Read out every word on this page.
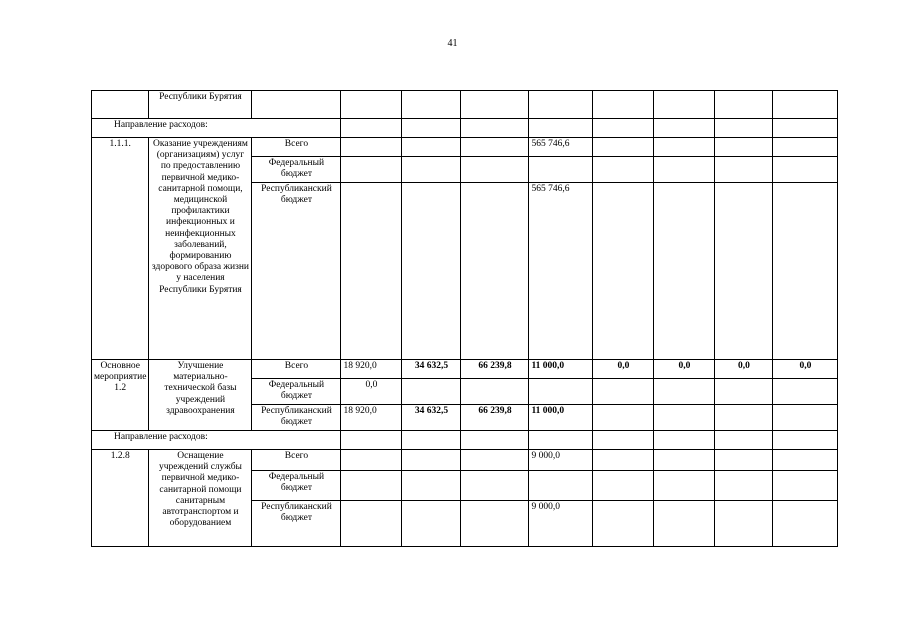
41
	Республики Бурятия									
Направление расходов:										
1.1.1.	Оказание учреждениям (организациям) услуг по предоставлению первичной медико-санитарной помощи, медицинской профилактики инфекционных и неинфекционных заболеваний, формированию здорового образа жизни у населения Республики Бурятия	Всего				565 746,6				
		Федеральный бюджет								
		Республиканский бюджет				565 746,6				
Основное мероприятие 1.2	Улучшение материально-технической базы учреждений здравоохранения	Всего	18 920,0	34 632,5	66 239,8	11 000,0	0,0	0,0	0,0	0,0
		Федеральный бюджет	0,0							
		Республиканский бюджет	18 920,0	34 632,5	66 239,8	11 000,0				
Направление расходов:										
1.2.8	Оснащение учреждений службы первичной медико-санитарной помощи санитарным автотранспортом и оборудованием	Всего				9 000,0				
		Федеральный бюджет								
		Республиканский бюджет				9 000,0				
